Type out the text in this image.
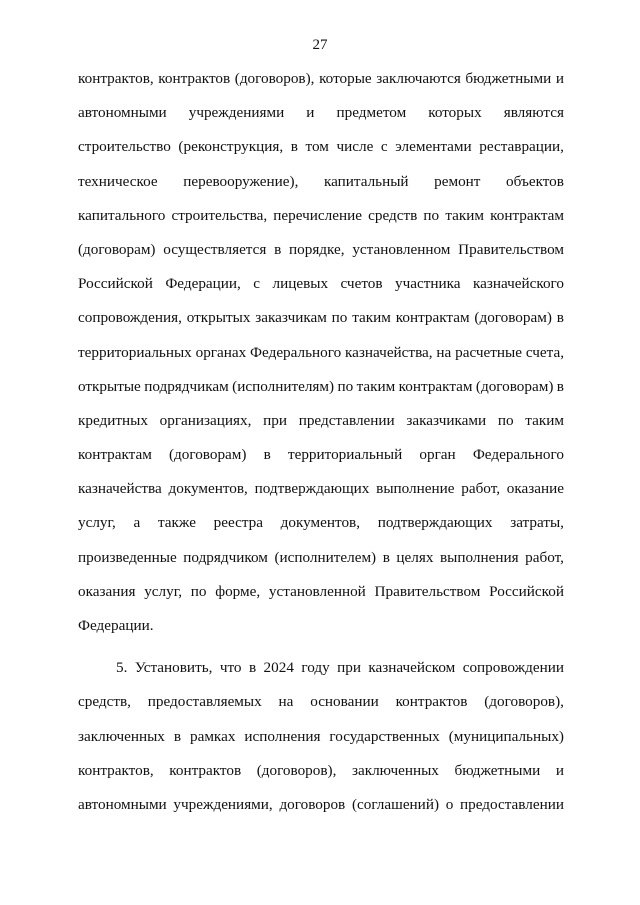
27
контрактов, контрактов (договоров), которые заключаются бюджетными и
автономными учреждениями и предметом которых являются
строительство (реконструкция, в том числе с элементами реставрации,
техническое перевооружение), капитальный ремонт объектов
капитального строительства, перечисление средств по таким контрактам
(договорам) осуществляется в порядке, установленном Правительством
Российской Федерации, с лицевых счетов участника казначейского
сопровождения, открытых заказчикам по таким контрактам (договорам) в
территориальных органах Федерального казначейства, на расчетные счета,
открытые подрядчикам (исполнителям) по таким контрактам (договорам) в
кредитных организациях, при представлении заказчиками по таким
контрактам (договорам) в территориальный орган Федерального
казначейства документов, подтверждающих выполнение работ, оказание
услуг, а также реестра документов, подтверждающих затраты,
произведенные подрядчиком (исполнителем) в целях выполнения работ,
оказания услуг, по форме, установленной Правительством Российской
Федерации.
5. Установить, что в 2024 году при казначейском сопровождении
средств, предоставляемых на основании контрактов (договоров),
заключенных в рамках исполнения государственных (муниципальных)
контрактов, контрактов (договоров), заключенных бюджетными и
автономными учреждениями, договоров (соглашений) о предоставлении
